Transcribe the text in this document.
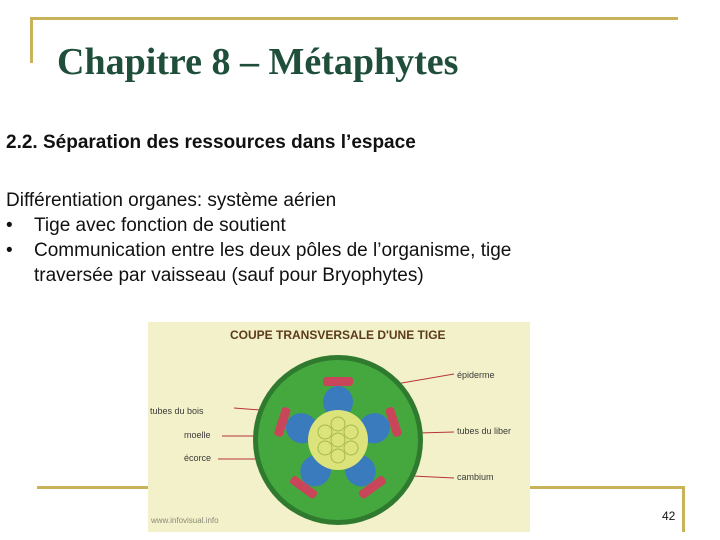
Chapitre 8 – Métaphytes
2.2. Séparation des ressources dans l’espace
Différentiation organes: système aérien
• Tige avec fonction de soutient
• Communication entre les deux pôles de l’organisme, tige
traversée par vaisseau (sauf pour Bryophytes)
COUPE TRANSVERSALE D'UNE TIGE
épiderme
tubes du bois
moelle
écorce
tubes du liber
cambium
www.infovisual.info	42
